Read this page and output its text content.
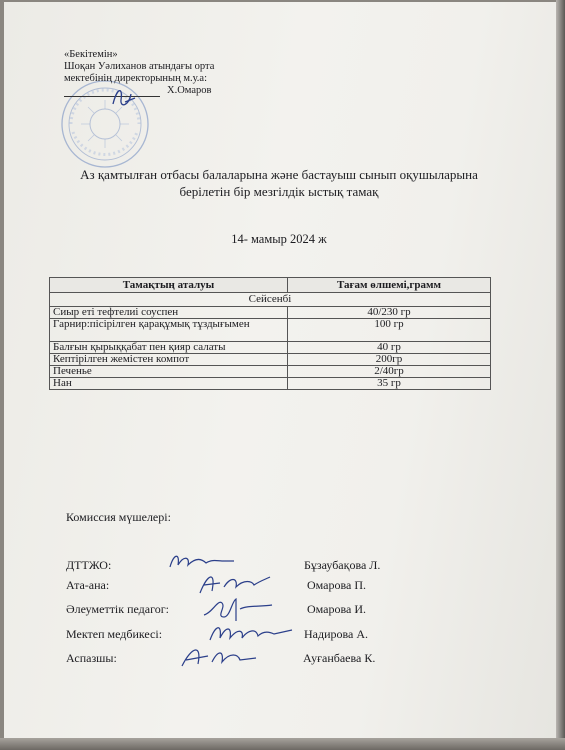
«Бекітемін»
Шоқан Уәлиханов атындағы орта
мектебінің директорының м.у.а:
Х.Омаров
Аз қамтылған отбасы балаларына және бастауыш сынып оқушыларына
берілетін бір мезгілдік ыстық тамақ
14- мамыр 2024 ж
Тамақтың аталуы	Тағам өлшемі,грамм
Сейсенбі	
Сиыр еті тефтелиі соуспен	40/230 гр
Гарнир:пісірілген қарақұмық тұздығымен	100 гр
Балғын қырыққабат пен қияр салаты	40 гр
Кептірілген жемістен компот	200гр
Печенье	2/40гр
Нан	35 гр
Комиссия мүшелері:
ДТТЖО:	Бұзаубақова Л.
Ата-ана:	Омарова П.
Әлеуметтік педагог:	Омарова И.
Мектеп медбикесі:	Надирова А.
Аспазшы:	Ауғанбаева К.
